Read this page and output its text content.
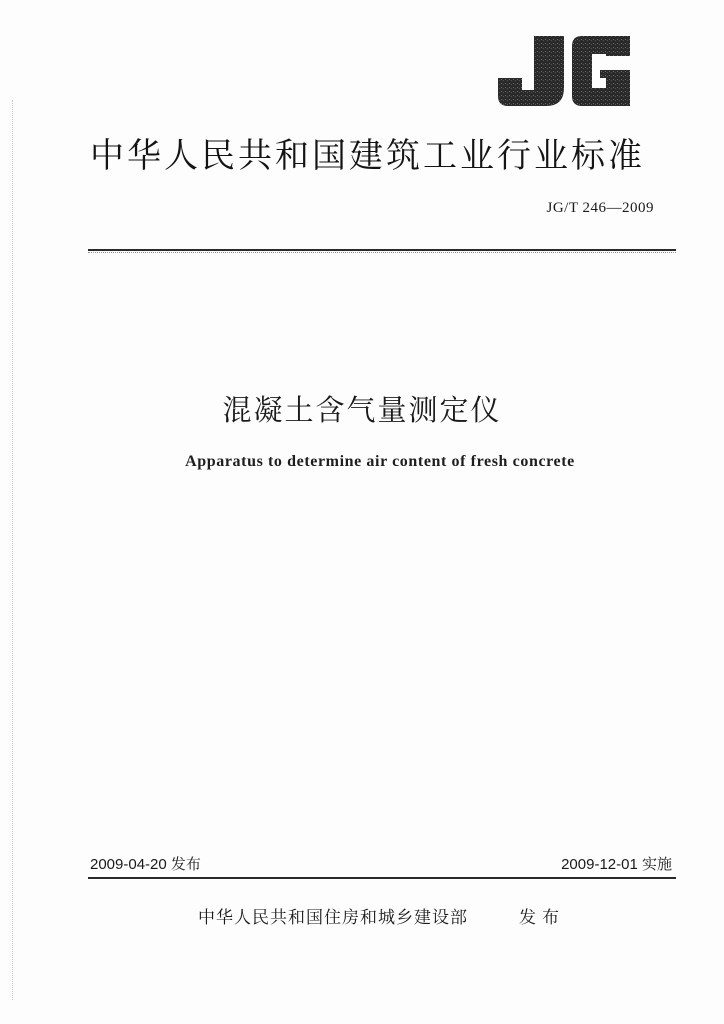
JG
中华人民共和国建筑工业行业标准
JG/T 246—2009
混凝土含气量测定仪
Apparatus to determine air content of fresh concrete
2009-04-20 发布	2009-12-01 实施
中华人民共和国住房和城乡建设部	发布
